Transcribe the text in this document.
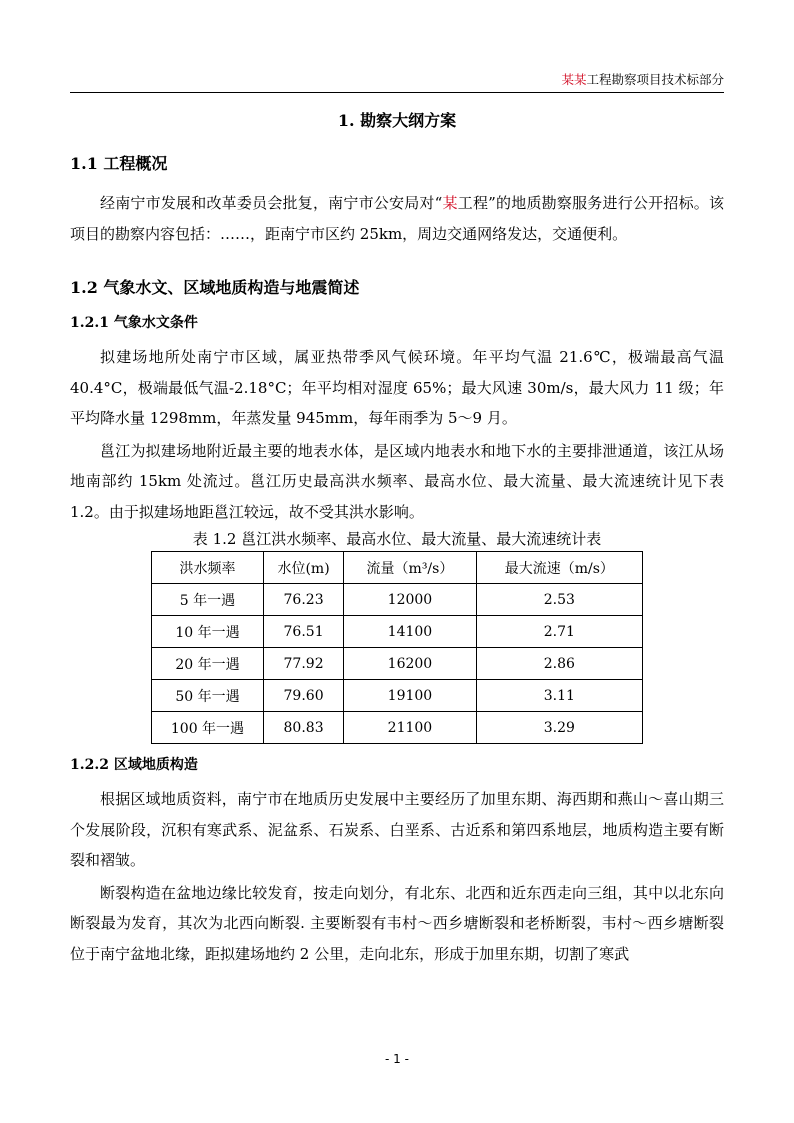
某某工程勘察项目技术标部分
1. 勘察大纲方案
1.1 工程概况

经南宁市发展和改革委员会批复，南宁市公安局对“某工程”的地质勘察服务进行公开招标。该项目的勘察内容包括：……，距南宁市区约 25km，周边交通网络发达，交通便利。

1.2 气象水文、区域地质构造与地震简述
1.2.1 气象水文条件

拟建场地所处南宁市区域，属亚热带季风气候环境。年平均气温 21.6℃，极端最高气温 40.4°C，极端最低气温-2.18°C；年平均相对湿度 65%；最大风速 30m/s，最大风力 11 级；年平均降水量 1298mm，年蒸发量 945mm，每年雨季为 5～9 月。

邕江为拟建场地附近最主要的地表水体，是区域内地表水和地下水的主要排泄通道，该江从场地南部约 15km 处流过。邕江历史最高洪水频率、最高水位、最大流量、最大流速统计见下表 1.2。由于拟建场地距邕江较远，故不受其洪水影响。

表 1.2 邕江洪水频率、最高水位、最大流量、最大流速统计表
洪水频率	水位(m)	流量（m³/s）	最大流速（m/s）
5 年一遇	76.23	12000	2.53
10 年一遇	76.51	14100	2.71
20 年一遇	77.92	16200	2.86
50 年一遇	79.60	19100	3.11
100 年一遇	80.83	21100	3.29
1.2.2 区域地质构造

根据区域地质资料，南宁市在地质历史发展中主要经历了加里东期、海西期和燕山～喜山期三个发展阶段，沉积有寒武系、泥盆系、石炭系、白垩系、古近系和第四系地层，地质构造主要有断裂和褶皱。

断裂构造在盆地边缘比较发育，按走向划分，有北东、北西和近东西走向三组，其中以北东向断裂最为发育，其次为北西向断裂. 主要断裂有韦村～西乡塘断裂和老桥断裂，韦村～西乡塘断裂位于南宁盆地北缘，距拟建场地约 2 公里，走向北东，形成于加里东期，切割了寒武

- 1 -
